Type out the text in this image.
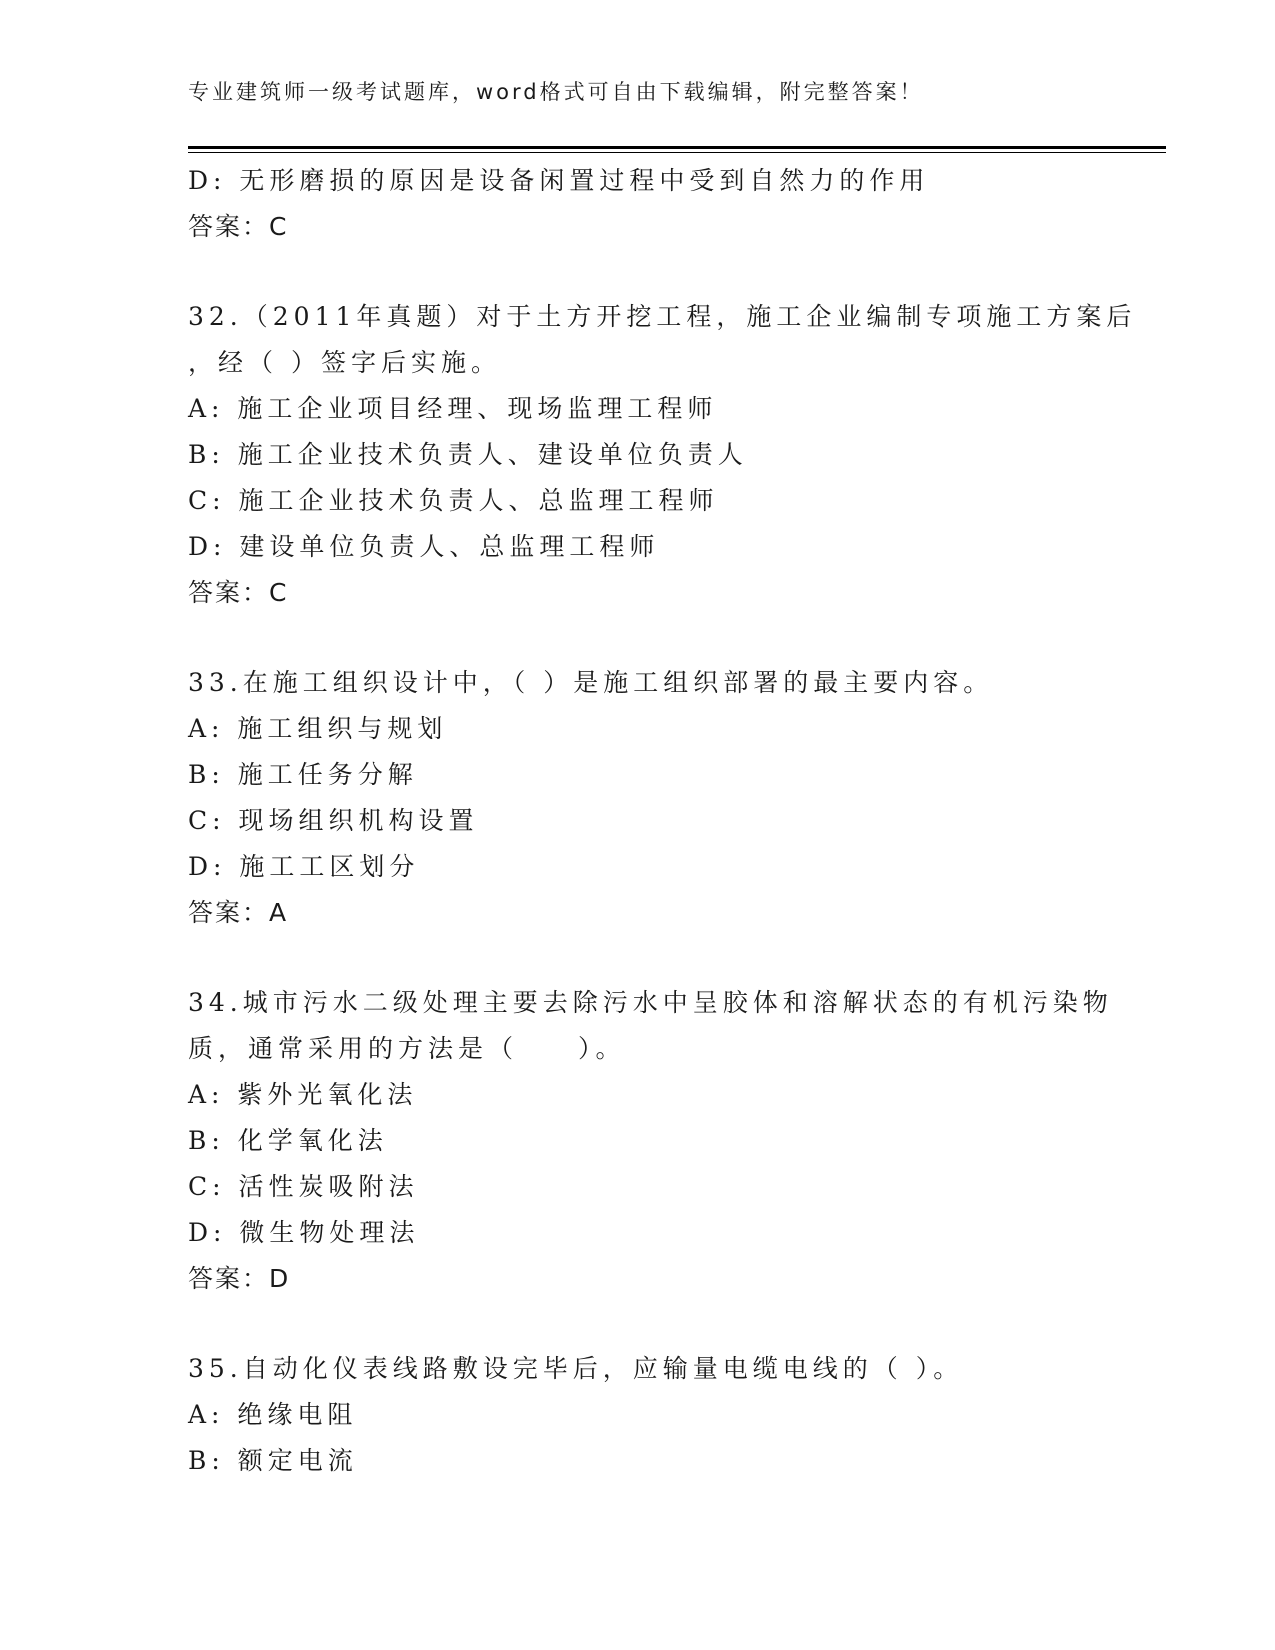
专业建筑师一级考试题库，word格式可自由下载编辑，附完整答案！
D: 无形磨损的原因是设备闲置过程中受到自然力的作用
答案：C
32.（2011年真题）对于土方开挖工程，施工企业编制专项施工方案后
，经（ ）签字后实施。
A: 施工企业项目经理、现场监理工程师
B: 施工企业技术负责人、建设单位负责人
C: 施工企业技术负责人、总监理工程师
D: 建设单位负责人、总监理工程师
答案：C
33.在施工组织设计中，（ ）是施工组织部署的最主要内容。
A: 施工组织与规划
B: 施工任务分解
C: 现场组织机构设置
D: 施工工区划分
答案：A
34.城市污水二级处理主要去除污水中呈胶体和溶解状态的有机污染物
质，通常采用的方法是（　　）。
A: 紫外光氧化法
B: 化学氧化法
C: 活性炭吸附法
D: 微生物处理法
答案：D
35.自动化仪表线路敷设完毕后，应输量电缆电线的（ ）。
A: 绝缘电阻
B: 额定电流
